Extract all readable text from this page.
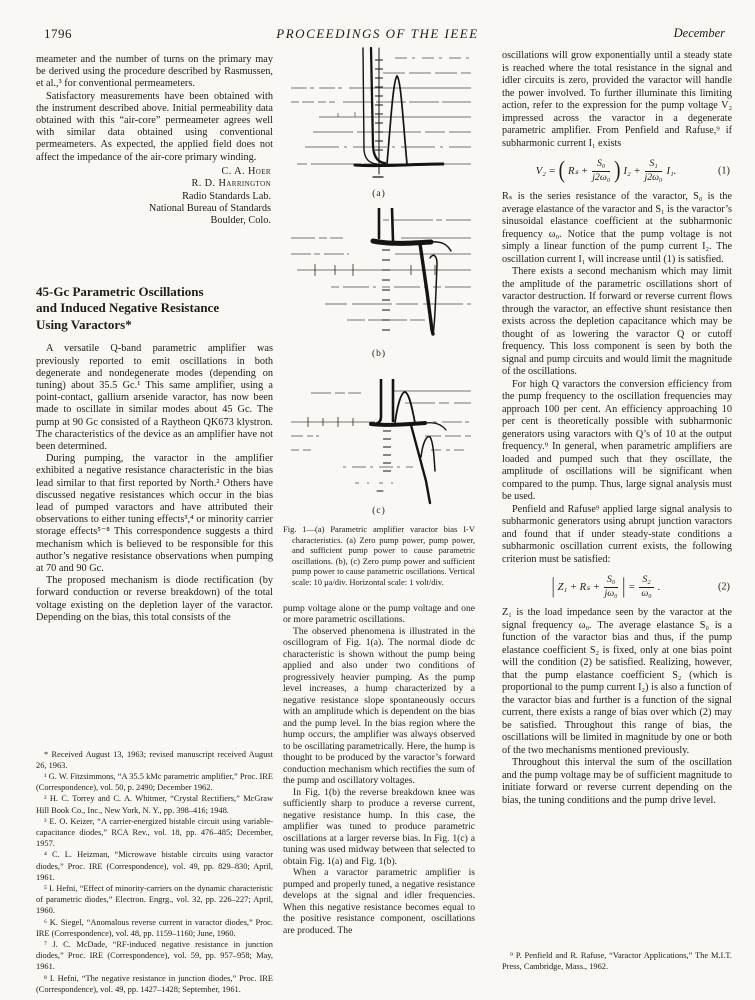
1796	PROCEEDINGS OF THE IEEE	December

meameter and the number of turns on the primary may be derived using the procedure described by Rasmussen, et al.,³ for conventional permeameters.

Satisfactory measurements have been obtained with the instrument described above. Initial permeability data obtained with this “air-core” permeameter agrees well with similar data obtained using conventional permeameters. As expected, the applied field does not affect the impedance of the air-core primary winding.

C. A. Hoer
R. D. Harrington
Radio Standards Lab.
National Bureau of Standards
Boulder, Colo.
45-Gc Parametric Oscillations
and Induced Negative Resistance
Using Varactors*

A versatile Q-band parametric amplifier was previously reported to emit oscillations in both degenerate and nondegenerate modes (depending on tuning) about 35.5 Gc.¹ This same amplifier, using a point-contact, gallium arsenide varactor, has now been made to oscillate in similar modes about 45 Gc. The pump at 90 Gc consisted of a Raytheon QK673 klystron. The characteristics of the device as an amplifier have not been determined.

During pumping, the varactor in the amplifier exhibited a negative resistance characteristic in the bias lead similar to that first reported by North.² Others have discussed negative resistances which occur in the bias lead of pumped varactors and have attributed their observations to either tuning effects³,⁴ or minority carrier storage effects⁵⁻⁸ This correspondence suggests a third mechanism which is believed to be responsible for this author’s negative resistance observations when pumping at 70 and 90 Gc.

The proposed mechanism is diode rectification (by forward conduction or reverse breakdown) of the total voltage existing on the depletion layer of the varactor. Depending on the bias, this total consists of the

* Received August 13, 1963; revised manuscript received August 26, 1963.

¹ G. W. Fitzsimmons, “A 35.5 kMc parametric amplifier,” Proc. IRE (Correspondence), vol. 50, p. 2490; December 1962.

² H. C. Torrey and C. A. Whitmer, “Crystal Rectifiers,” McGraw Hill Book Co., Inc., New York, N. Y., pp. 398–416; 1948.

³ E. O. Keizer, “A carrier-energized bistable circuit using variable-capacitance diodes,” RCA Rev., vol. 18, pp. 476–485; December, 1957.

⁴ C. L. Heizman, “Microwave bistable circuits using varactor diodes,” Proc. IRE (Correspondence), vol. 49, pp. 829–830; April, 1961.

⁵ I. Hefni, “Effect of minority-carriers on the dynamic characteristic of parametric diodes,” Electron. Engrg., vol. 32, pp. 226–227; April, 1960.

⁶ K. Siegel, “Anomalous reverse current in varactor diodes,” Proc. IRE (Correspondence), vol. 48, pp. 1159–1160; June, 1960.

⁷ J. C. McDade, “RF-induced negative resistance in junction diodes,” Proc. IRE (Correspondence), vol. 59, pp. 957–958; May, 1961.

⁸ I. Hefni, “The negative resistance in junction diodes,” Proc. IRE (Correspondence), vol. 49, pp. 1427–1428; September, 1961.

(a)
(b)
(c)
Fig. 1—(a) Parametric amplifier varactor bias I-V characteristics. (a) Zero pump power, pump power, and sufficient pump power to cause parametric oscillations. (b), (c) Zero pump power and sufficient pump power to cause parametric oscillations. Vertical scale: 10 μa/div. Horizontal scale: 1 volt/div.

pump voltage alone or the pump voltage and one or more parametric oscillations.

The observed phenomena is illustrated in the oscillogram of Fig. 1(a). The normal diode dc characteristic is shown without the pump being applied and also under two conditions of progressively heavier pumping. As the pump level increases, a hump characterized by a negative resistance slope spontaneously occurs with an amplitude which is dependent on the bias and the pump level. In the bias region where the hump occurs, the amplifier was always observed to be oscillating parametrically. Here, the hump is thought to be produced by the varactor’s forward conduction mechanism which rectifies the sum of the pump and oscillatory voltages.

In Fig. 1(b) the reverse breakdown knee was sufficiently sharp to produce a reverse current, negative resistance hump. In this case, the amplifier was tuned to produce parametric oscillations at a larger reverse bias. In Fig. 1(c) a tuning was used midway between that selected to obtain Fig. 1(a) and Fig. 1(b).

When a varactor parametric amplifier is pumped and properly tuned, a negative resistance develops at the signal and idler frequencies. When this negative resistance becomes equal to the positive resistance component, oscillations are produced. The

oscillations will grow exponentially until a steady state is reached where the total resistance in the signal and idler circuits is zero, provided the varactor will handle the power involved. To further illuminate this limiting action, refer to the expression for the pump voltage V₂ impressed across the varactor in a degenerate parametric amplifier. From Penfield and Rafuse,⁹ if subharmonic current I₁ exists

V₂ = ( $R_s + \frac{\text{S₀}}{\text{j2ω₀}}$ ) $I_2 + \frac{\text{S₁}}{\text{j2ω₀}} I_1$.	(1)

Rₛ is the series resistance of the varactor, S₀ is the average elastance of the varactor and S₁ is the varactor’s sinusoidal elastance coefficient at the subharmonic frequency ω₀. Notice that the pump voltage is not simply a linear function of the pump current I₂. The oscillation current I₁ will increase until (1) is satisfied.

There exists a second mechanism which may limit the amplitude of the parametric oscillations short of varactor destruction. If forward or reverse current flows through the varactor, an effective shunt resistance then exists across the depletion capacitance which may be thought of as lowering the varactor Q or cutoff frequency. This loss component is seen by both the signal and pump circuits and would limit the magnitude of the oscillations.

For high Q varactors the conversion efficiency from the pump frequency to the oscillation frequencies may approach 100 per cent. An efficiency approaching 10 per cent is theoretically possible with subharmonic generators using varactors with Q’s of 10 at the output frequency.⁹ In general, when parametric amplifiers are loaded and pumped such that they oscillate, the amplitude of oscillations will be significant when compared to the pump. Thus, large signal analysis must be used.

Penfield and Rafuse⁹ applied large signal analysis to subharmonic generators using abrupt junction varactors and found that if under steady-state conditions a subharmonic oscillation current exists, the following criterion must be satisfied:

| $Z_1 + R_s + \frac{\text{S₀}}{\text{jω₀}}$ | = $\frac{\text{S₂}}{\text{ω₀}}$ .	(2)

Z₁ is the load impedance seen by the varactor at the signal frequency ω₀. The average elastance S₀ is a function of the varactor bias and thus, if the pump elastance coefficient S₂ is fixed, only at one bias point will the condition (2) be satisfied. Realizing, however, that the pump elastance coefficient S₂ (which is proportional to the pump current I₂) is also a function of the varactor bias and further is a function of the signal current, there exists a range of bias over which (2) may be satisfied. Throughout this range of bias, the oscillations will be limited in magnitude by one or both of the two mechanisms mentioned previously.

Throughout this interval the sum of the oscillation and the pump voltage may be of sufficient magnitude to initiate forward or reverse current depending on the bias, the tuning conditions and the pump drive level.

⁹ P. Penfield and R. Rafuse, “Varactor Applications,” The M.I.T. Press, Cambridge, Mass., 1962.
